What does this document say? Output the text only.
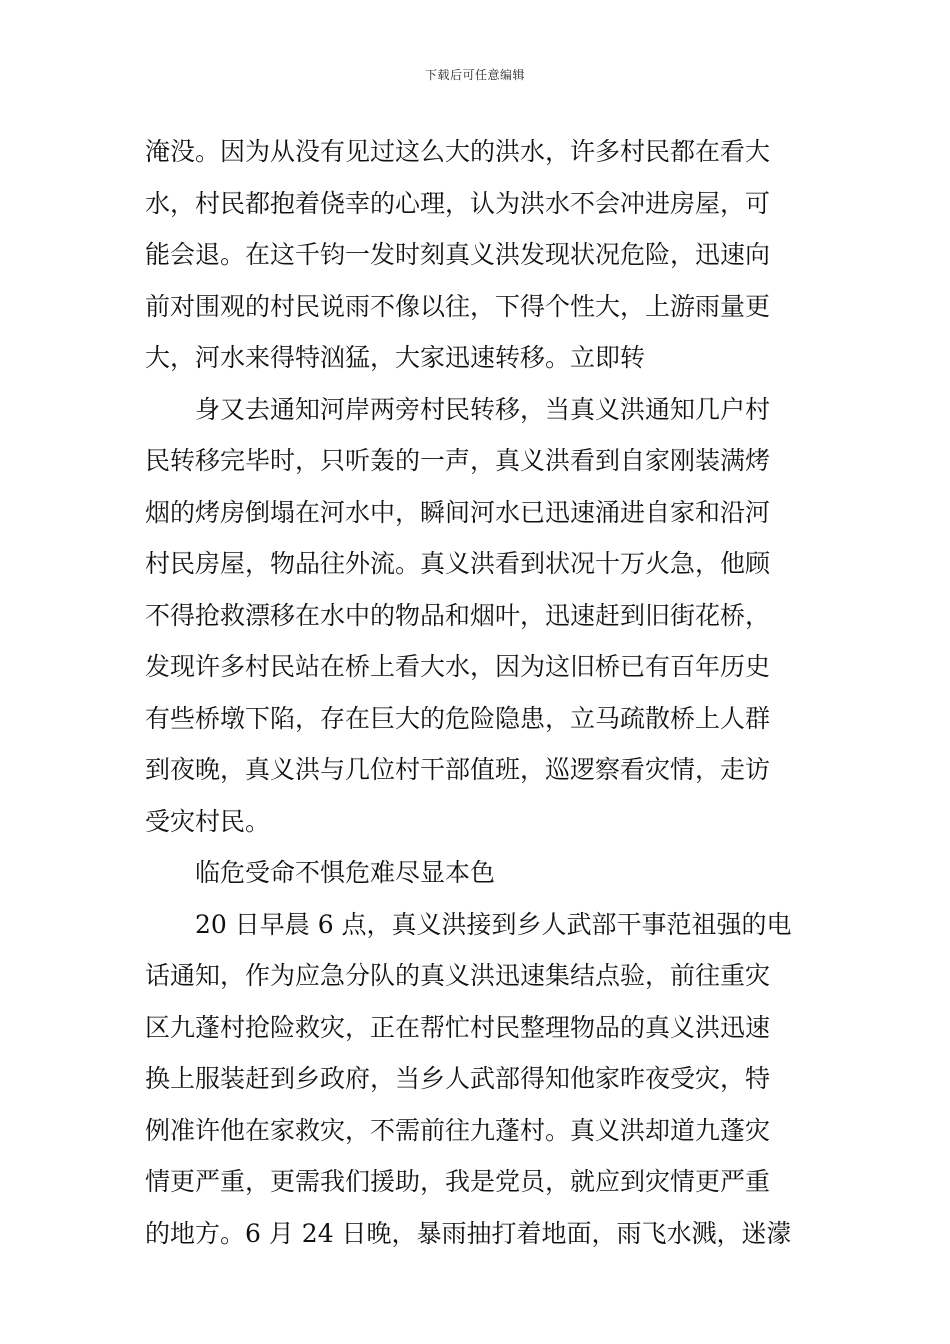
下载后可任意编辑

淹没。因为从没有见过这么大的洪水，许多村民都在看大
水，村民都抱着侥幸的心理，认为洪水不会冲进房屋，可
能会退。在这千钧一发时刻真义洪发现状况危险，迅速向
前对围观的村民说雨不像以往，下得个性大，上游雨量更
大，河水来得特汹猛，大家迅速转移。立即转

身又去通知河岸两旁村民转移，当真义洪通知几户村
民转移完毕时，只听轰的一声，真义洪看到自家刚装满烤
烟的烤房倒塌在河水中，瞬间河水已迅速涌进自家和沿河
村民房屋，物品往外流。真义洪看到状况十万火急，他顾
不得抢救漂移在水中的物品和烟叶，迅速赶到旧街花桥，
发现许多村民站在桥上看大水，因为这旧桥已有百年历史
有些桥墩下陷，存在巨大的危险隐患，立马疏散桥上人群
到夜晚，真义洪与几位村干部值班，巡逻察看灾情，走访
受灾村民。

临危受命不惧危难尽显本色

20 日早晨 6 点，真义洪接到乡人武部干事范祖强的电
话通知，作为应急分队的真义洪迅速集结点验，前往重灾
区九蓬村抢险救灾，正在帮忙村民整理物品的真义洪迅速
换上服装赶到乡政府，当乡人武部得知他家昨夜受灾，特
例准许他在家救灾，不需前往九蓬村。真义洪却道九蓬灾
情更严重，更需我们援助，我是党员，就应到灾情更严重
的地方。6 月 24 日晚，暴雨抽打着地面，雨飞水溅，迷濛
